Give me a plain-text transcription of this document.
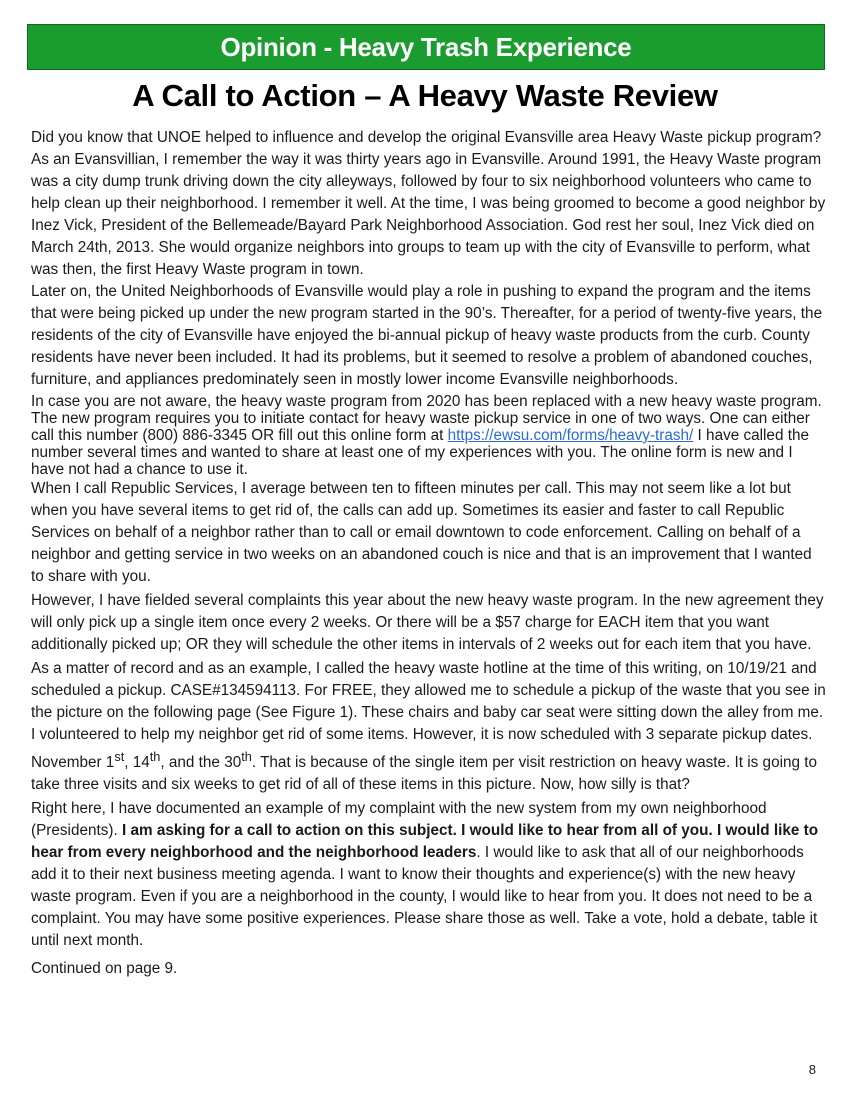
Opinion - Heavy Trash Experience
A Call to Action – A Heavy Waste Review

Did you know that UNOE helped to influence and develop the original Evansville area Heavy Waste pickup program? As an Evansvillian, I remember the way it was thirty years ago in Evansville. Around 1991, the Heavy Waste program was a city dump trunk driving down the city alleyways, followed by four to six neighborhood volunteers who came to help clean up their neighborhood. I remember it well. At the time, I was being groomed to become a good neighbor by Inez Vick, President of the Bellemeade/Bayard Park Neighborhood Association. God rest her soul, Inez Vick died on March 24th, 2013. She would organize neighbors into groups to team up with the city of Evansville to perform, what was then, the first Heavy Waste program in town.

Later on, the United Neighborhoods of Evansville would play a role in pushing to expand the program and the items that were being picked up under the new program started in the 90’s. Thereafter, for a period of twenty-five years, the residents of the city of Evansville have enjoyed the bi-annual pickup of heavy waste products from the curb. County residents have never been included. It had its problems, but it seemed to resolve a problem of abandoned couches, furniture, and appliances predominately seen in mostly lower income Evansville neighborhoods.

In case you are not aware, the heavy waste program from 2020 has been replaced with a new heavy waste program. The new program requires you to initiate contact for heavy waste pickup service in one of two ways. One can either call this number (800) 886-3345 OR fill out this online form at https://ewsu.com/forms/heavy-trash/ I have called the number several times and wanted to share at least one of my experiences with you. The online form is new and I have not had a chance to use it.

When I call Republic Services, I average between ten to fifteen minutes per call. This may not seem like a lot but when you have several items to get rid of, the calls can add up. Sometimes its easier and faster to call Republic Services on behalf of a neighbor rather than to call or email downtown to code enforcement. Calling on behalf of a neighbor and getting service in two weeks on an abandoned couch is nice and that is an improvement that I wanted to share with you.

However, I have fielded several complaints this year about the new heavy waste program. In the new agreement they will only pick up a single item once every 2 weeks. Or there will be a $57 charge for EACH item that you want additionally picked up; OR they will schedule the other items in intervals of 2 weeks out for each item that you have.

As a matter of record and as an example, I called the heavy waste hotline at the time of this writing, on 10/19/21 and scheduled a pickup. CASE#134594113. For FREE, they allowed me to schedule a pickup of the waste that you see in the picture on the following page (See Figure 1). These chairs and baby car seat were sitting down the alley from me. I volunteered to help my neighbor get rid of some items. However, it is now scheduled with 3 separate pickup dates. November 1st, 14th, and the 30th. That is because of the single item per visit restriction on heavy waste. It is going to take three visits and six weeks to get rid of all of these items in this picture. Now, how silly is that?

Right here, I have documented an example of my complaint with the new system from my own neighborhood (Presidents). I am asking for a call to action on this subject. I would like to hear from all of you. I would like to hear from every neighborhood and the neighborhood leaders. I would like to ask that all of our neighborhoods add it to their next business meeting agenda. I want to know their thoughts and experience(s) with the new heavy waste program. Even if you are a neighborhood in the county, I would like to hear from you. It does not need to be a complaint. You may have some positive experiences. Please share those as well. Take a vote, hold a debate, table it until next month.

Continued on page 9.

8
